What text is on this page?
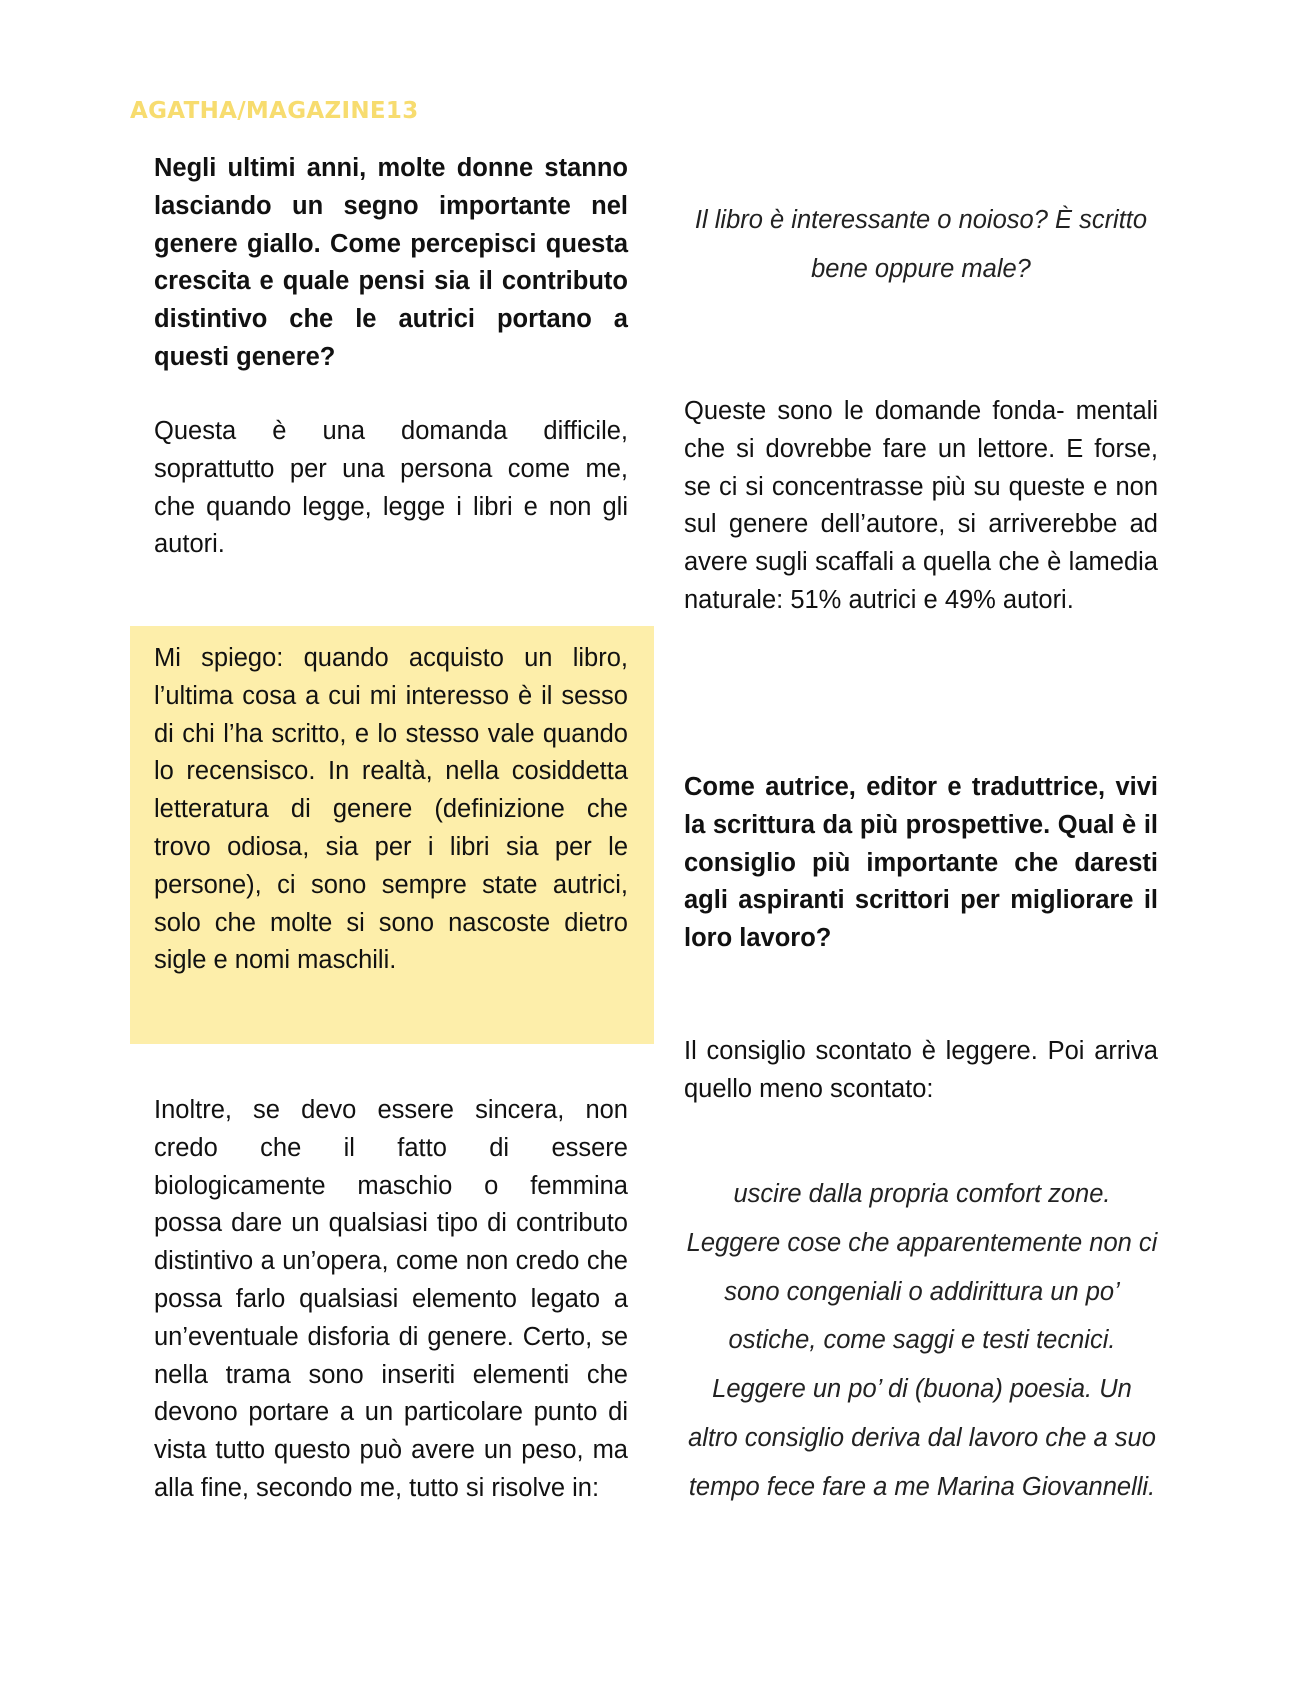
AGATHA/MAGAZINE13

Negli ultimi anni, molte donne stanno lasciando un segno importante nel genere giallo. Come percepisci questa crescita e quale pensi sia il contributo distintivo che le autrici portano a questi genere?

Questa è una domanda difficile, soprattutto per una persona come me, che quando legge, legge i libri e non gli autori.

Mi spiego: quando acquisto un libro, l’ultima cosa a cui mi interesso è il sesso di chi l’ha scritto, e lo stesso vale quando lo recensisco. In realtà, nella cosiddetta letteratura di genere (definizione che trovo odiosa, sia per i libri sia per le persone), ci sono sempre state autrici, solo che molte si sono nascoste dietro sigle e nomi maschili.

Inoltre, se devo essere sincera, non credo che il fatto di essere biologicamente maschio o femmina possa dare un qualsiasi tipo di contributo distintivo a un’opera, come non credo che possa farlo qualsiasi elemento legato a un’eventuale disforia di genere. Certo, se nella trama sono inseriti elementi che devono portare a un particolare punto di vista tutto questo può avere un peso, ma alla fine, secondo me, tutto si risolve in:

Il libro è interessante o noioso? È scritto bene oppure male?

Queste sono le domande fonda- mentali che si dovrebbe fare un lettore. E forse, se ci si concentrasse più su queste e non sul genere dell’autore, si arriverebbe ad avere sugli scaffali a quella che è lamedia naturale: 51% autrici e 49% autori.

Come autrice, editor e traduttrice, vivi la scrittura da più prospettive. Qual è il consiglio più importante che daresti agli aspiranti scrittori per migliorare il loro lavoro?

Il consiglio scontato è leggere. Poi arriva quello meno scontato:

uscire dalla propria comfort zone. Leggere cose che apparentemente non ci sono congeniali o addirittura un po’ ostiche, come saggi e testi tecnici. Leggere un po’ di (buona) poesia. Un altro consiglio deriva dal lavoro che a suo tempo fece fare a me Marina Giovannelli.
